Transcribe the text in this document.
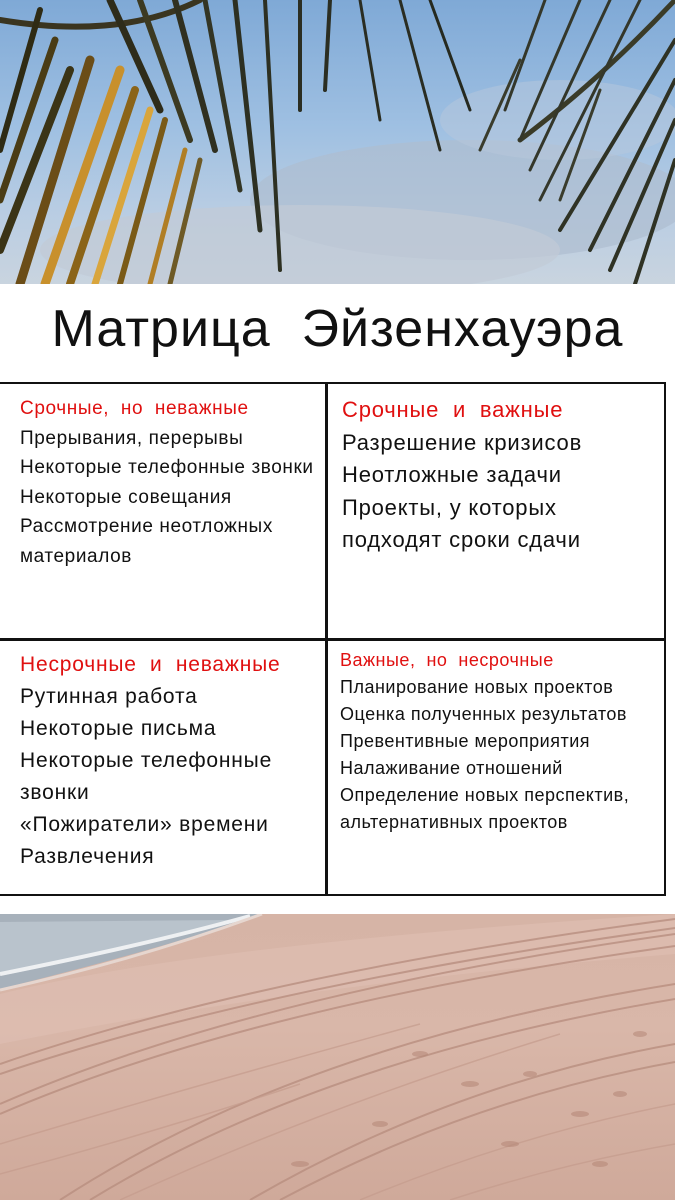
Матрица  Эйзенхауэра
Срочные,  но  неважные
Прерывания, перерывы
Некоторые телефонные звонки
Некоторые совещания
Рассмотрение неотложных материалов
Срочные  и  важные
Разрешение кризисов
Неотложные задачи
Проекты, у которых подходят сроки сдачи
Несрочные  и  неважные
Рутинная работа
Некоторые письма
Некоторые телефонные звонки
«Пожиратели» времени
Развлечения
Важные,  но  несрочные
Планирование новых проектов
Оценка полученных результатов
Превентивные мероприятия
Налаживание отношений
Определение новых перспектив, альтернативных проектов
